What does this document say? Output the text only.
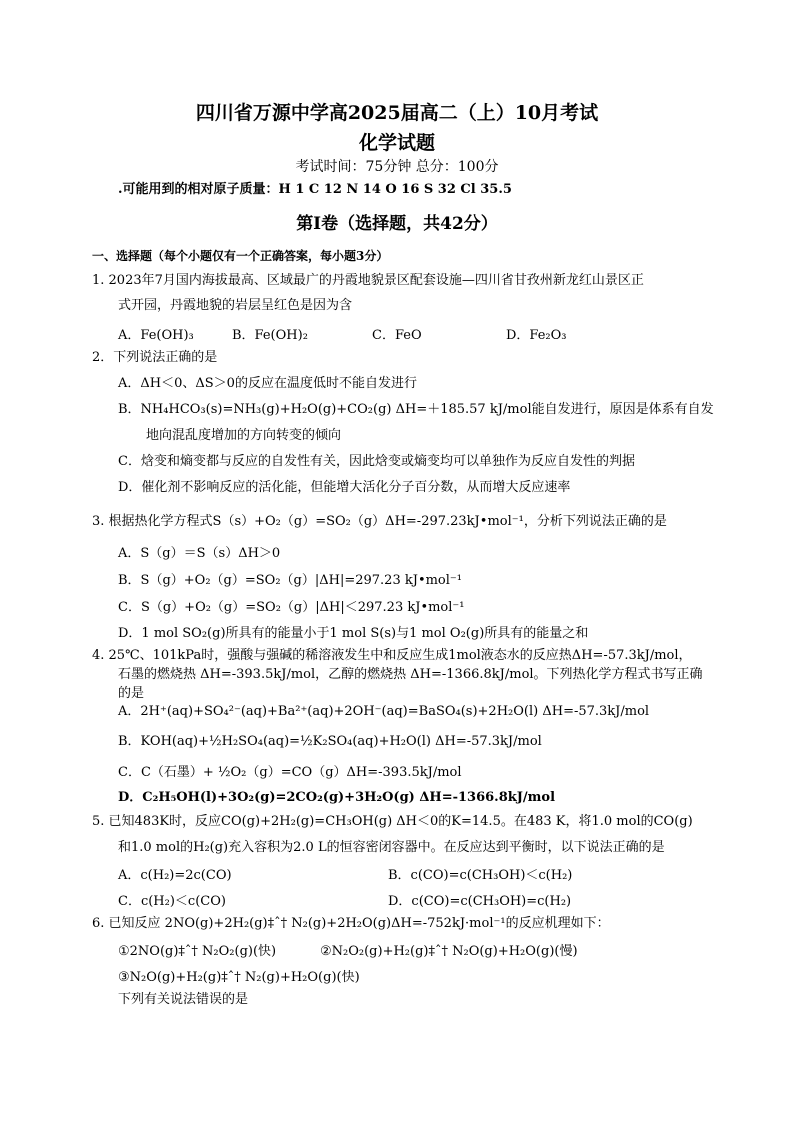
四川省万源中学高2025届高二（上）10月考试
化学试题
考试时间：75分钟 总分：100分
.可能用到的相对原子质量：H 1 C 12 N 14 O 16 S 32 Cl 35.5
第Ⅰ卷（选择题，共42分）
一、选择题（每个小题仅有一个正确答案，每小题3分）
1. 2023年7月国内海拔最高、区域最广的丹霞地貌景区配套设施—四川省甘孜州新龙红山景区正
式开园，丹霞地貌的岩层呈红色是因为含
A．Fe(OH)₃	B．Fe(OH)₂	C．FeO	D．Fe₂O₃
2．下列说法正确的是
A．ΔH＜0、ΔS＞0的反应在温度低时不能自发进行
B．NH₄HCO₃(s)=NH₃(g)+H₂O(g)+CO₂(g) ΔH=＋185.57 kJ/mol能自发进行，原因是体系有自发
地向混乱度增加的方向转变的倾向
C．焓变和熵变都与反应的自发性有关，因此焓变或熵变均可以单独作为反应自发性的判据
D．催化剂不影响反应的活化能，但能增大活化分子百分数，从而增大反应速率
3. 根据热化学方程式S（s）+O₂（g）=SO₂（g）ΔH=-297.23kJ•mol⁻¹，分析下列说法正确的是
A．S（g）＝S（s）ΔH＞0
B．S（g）+O₂（g）=SO₂（g）|ΔH|=297.23 kJ•mol⁻¹
C．S（g）+O₂（g）=SO₂（g）|ΔH|＜297.23 kJ•mol⁻¹
D．1 mol SO₂(g)所具有的能量小于1 mol S(s)与1 mol O₂(g)所具有的能量之和
4. 25℃、101kPa时，强酸与强碱的稀溶液发生中和反应生成1mol液态水的反应热ΔH=-57.3kJ/mol，
石墨的燃烧热 ΔH=-393.5kJ/mol，乙醇的燃烧热 ΔH=-1366.8kJ/mol。下列热化学方程式书写正确
的是
A．2H⁺(aq)+SO₄²⁻(aq)+Ba²⁺(aq)+2OH⁻(aq)=BaSO₄(s)+2H₂O(l) ΔH=-57.3kJ/mol
B．KOH(aq)+½H₂SO₄(aq)=½K₂SO₄(aq)+H₂O(l) ΔH=-57.3kJ/mol
C．C（石墨）+ ½O₂（g）=CO（g）ΔH=-393.5kJ/mol
D．C₂H₅OH(l)+3O₂(g)=2CO₂(g)+3H₂O(g) ΔH=-1366.8kJ/mol
5. 已知483K时，反应CO(g)+2H₂(g)=CH₃OH(g) ΔH＜0的K=14.5。在483 K，将1.0 mol的CO(g)
和1.0 mol的H₂(g)充入容积为2.0 L的恒容密闭容器中。在反应达到平衡时，以下说法正确的是
A．c(H₂)=2c(CO)	B．c(CO)=c(CH₃OH)＜c(H₂)
C．c(H₂)＜c(CO)	D．c(CO)=c(CH₃OH)=c(H₂)
6. 已知反应 2NO(g)+2H₂(g)‡ˆ† N₂(g)+2H₂O(g)ΔH=-752kJ·mol⁻¹的反应机理如下：
①2NO(g)‡ˆ† N₂O₂(g)(快)	②N₂O₂(g)+H₂(g)‡ˆ† N₂O(g)+H₂O(g)(慢)
③N₂O(g)+H₂(g)‡ˆ† N₂(g)+H₂O(g)(快)
下列有关说法错误的是
